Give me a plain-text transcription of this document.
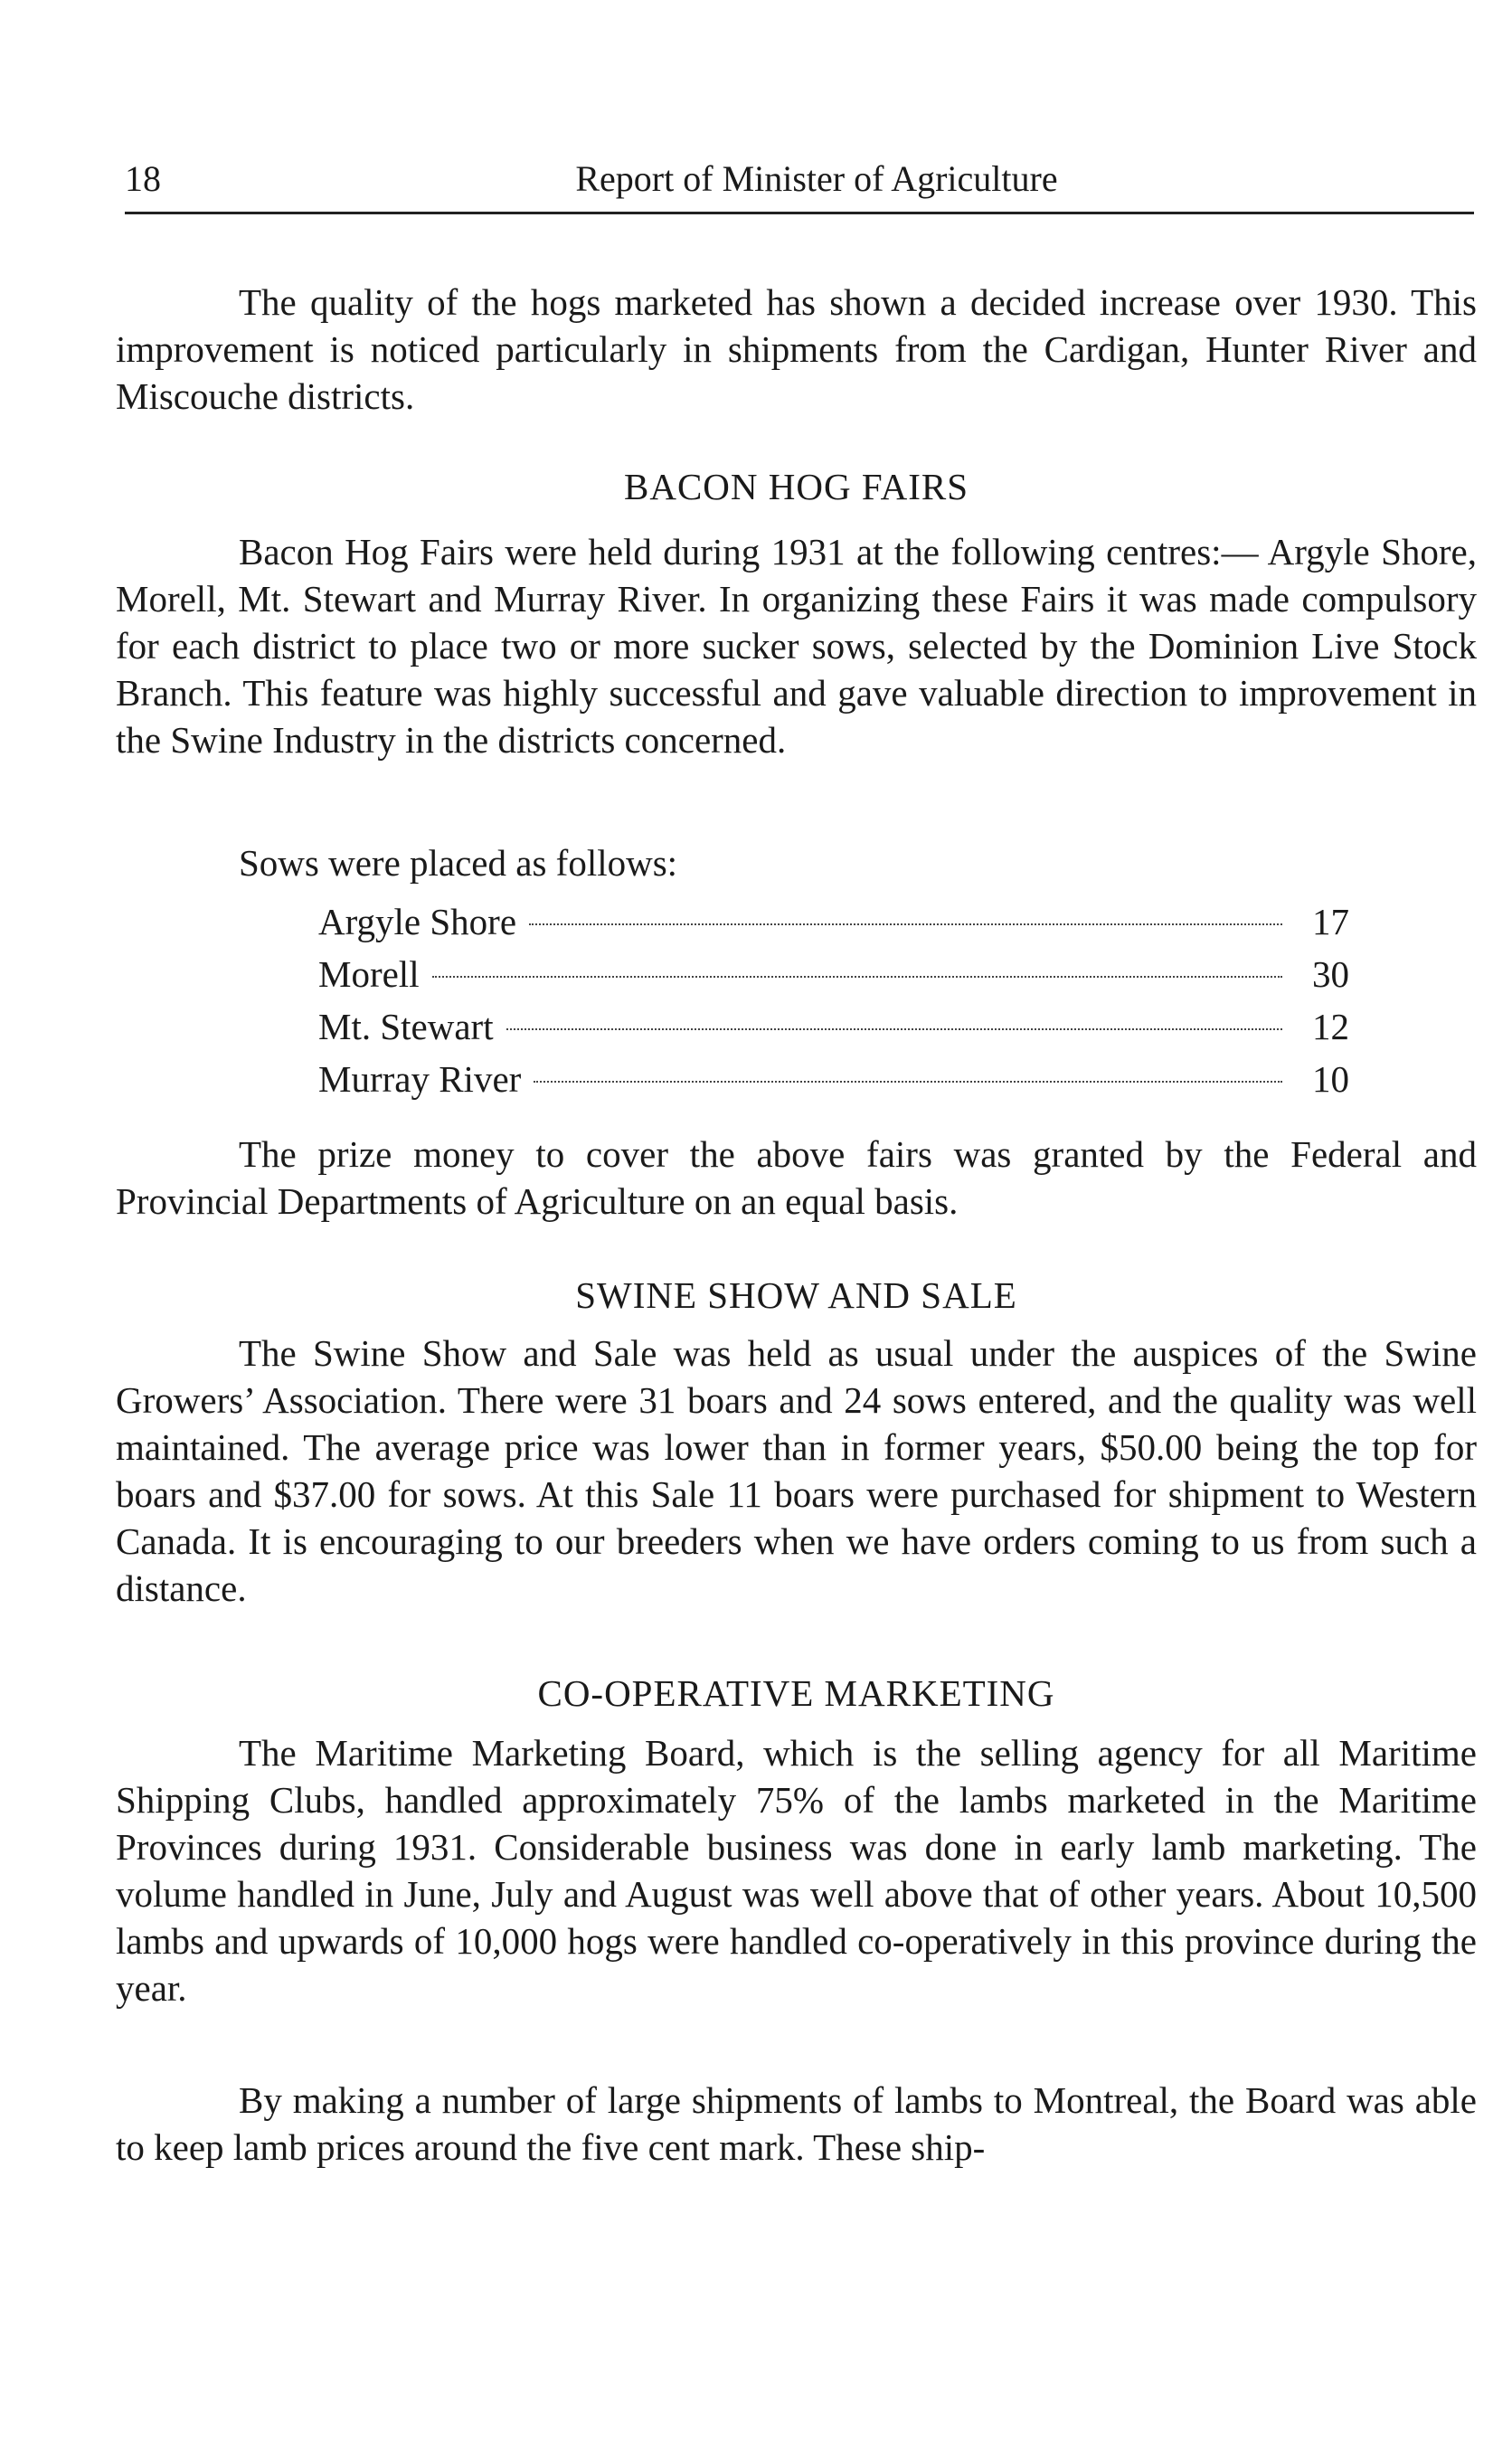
18	Report of Minister of Agriculture

The quality of the hogs marketed has shown a decided increase over 1930. This improvement is noticed particularly in shipments from the Cardigan, Hunter River and Miscouche districts.

BACON HOG FAIRS

Bacon Hog Fairs were held during 1931 at the following centres:— Argyle Shore, Morell, Mt. Stewart and Murray River. In organizing these Fairs it was made compulsory for each district to place two or more sucker sows, selected by the Dominion Live Stock Branch. This feature was highly successful and gave valuable direction to improvement in the Swine Industry in the districts concerned.

Sows were placed as follows:
Argyle Shore	17
Morell	30
Mt. Stewart	12
Murray River	10

The prize money to cover the above fairs was granted by the Federal and Provincial Departments of Agriculture on an equal basis.

SWINE SHOW AND SALE

The Swine Show and Sale was held as usual under the auspices of the Swine Growers’ Association. There were 31 boars and 24 sows entered, and the quality was well maintained. The average price was lower than in former years, $50.00 being the top for boars and $37.00 for sows. At this Sale 11 boars were purchased for shipment to Western Canada. It is encouraging to our breeders when we have orders coming to us from such a distance.

CO-OPERATIVE MARKETING

The Maritime Marketing Board, which is the selling agency for all Maritime Shipping Clubs, handled approximately 75% of the lambs marketed in the Maritime Provinces during 1931. Considerable business was done in early lamb marketing. The volume handled in June, July and August was well above that of other years. About 10,500 lambs and upwards of 10,000 hogs were handled co-operatively in this province during the year.

By making a number of large shipments of lambs to Montreal, the Board was able to keep lamb prices around the five cent mark. These ship-
